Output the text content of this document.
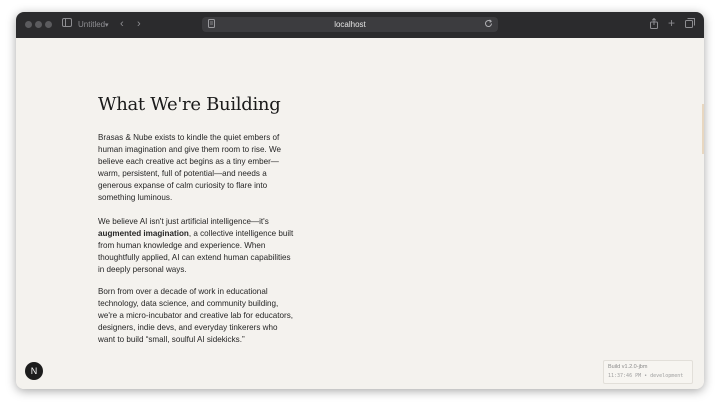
Untitled ▾ ‹ ›	localhost	+
What We're Building

Brasas & Nube exists to kindle the quiet embers of human imagination and give them room to rise. We believe each creative act begins as a tiny ember—warm, persistent, full of potential—and needs a generous expanse of calm curiosity to flare into something luminous.

We believe AI isn't just artificial intelligence—it's augmented imagination, a collective intelligence built from human knowledge and experience. When thoughtfully applied, AI can extend human capabilities in deeply personal ways.

Born from over a decade of work in educational technology, data science, and community building, we're a micro-incubator and creative lab for educators, designers, indie devs, and everyday tinkerers who want to build “small, soulful AI sidekicks.”

N	Build v1.2.0-jbm
11:37:46 PM • development
